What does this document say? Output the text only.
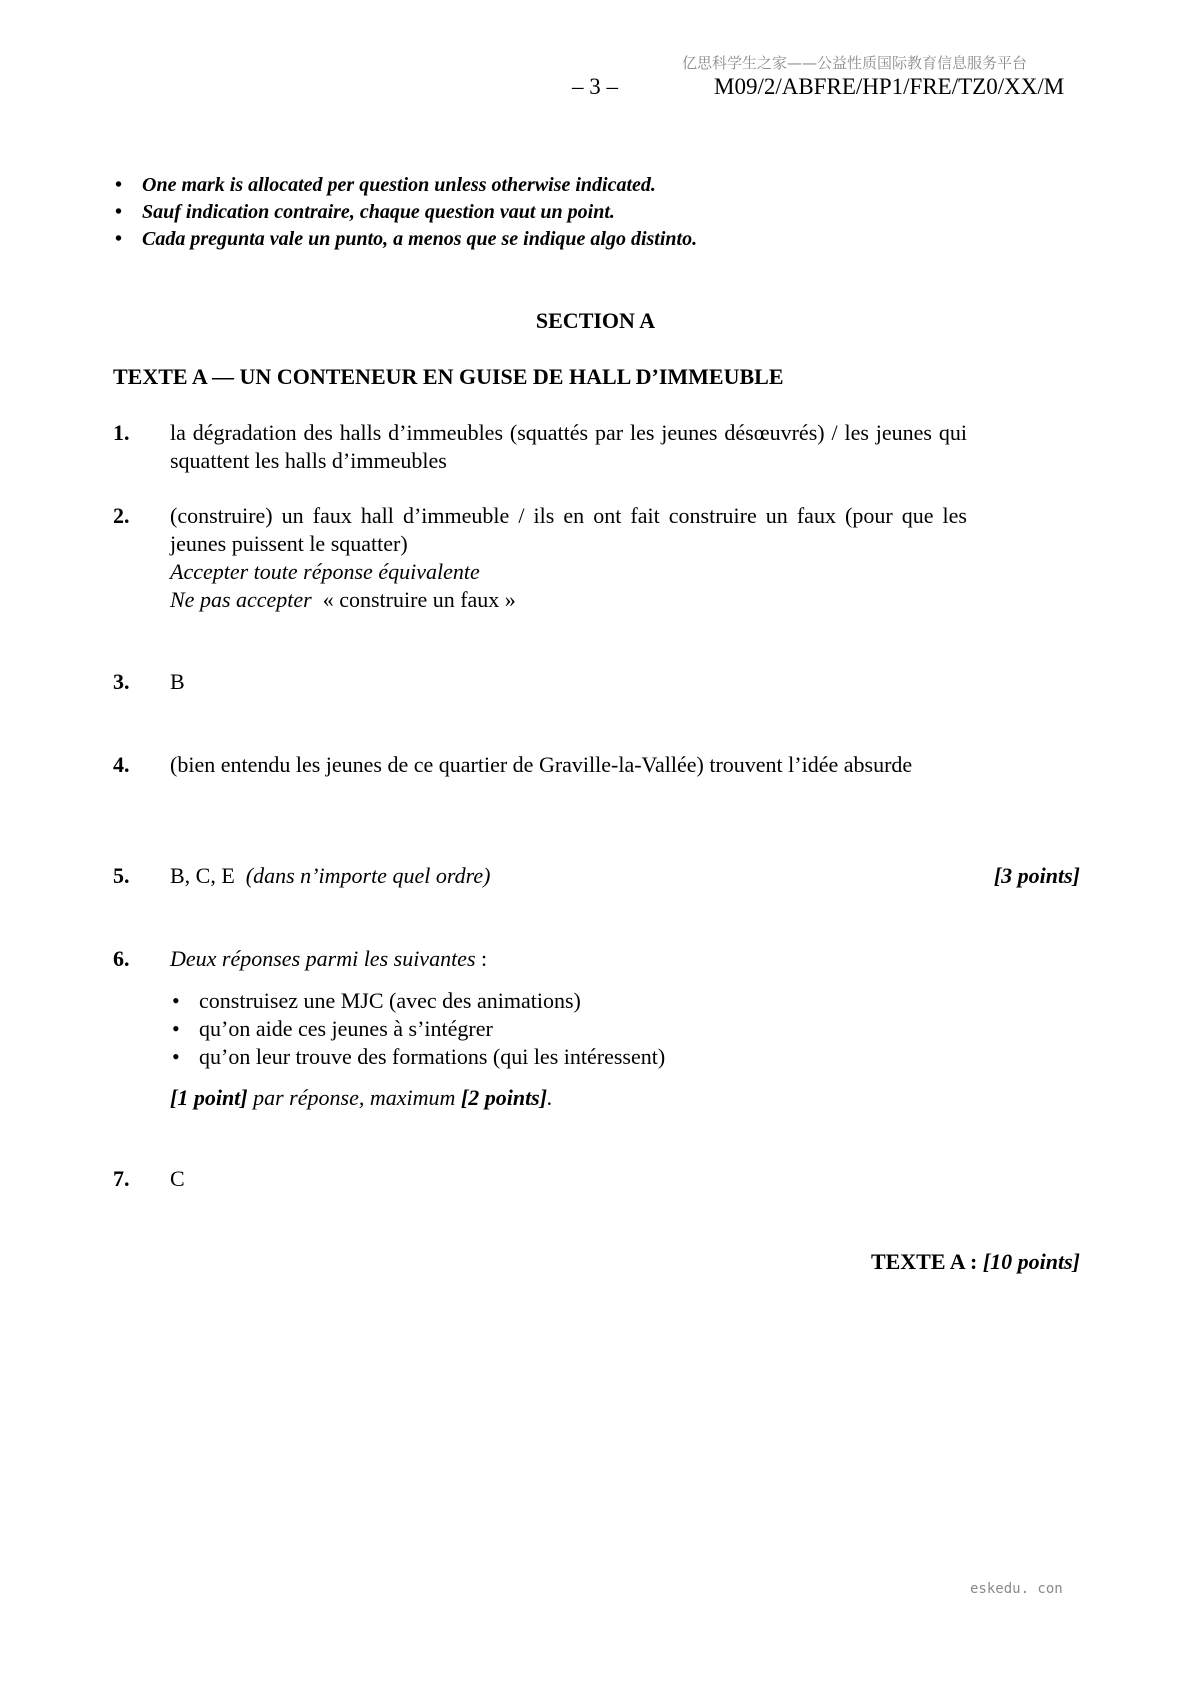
亿思科学生之家——公益性质国际教育信息服务平台
– 3 –	M09/2/ABFRE/HP1/FRE/TZ0/XX/M
• One mark is allocated per question unless otherwise indicated.
• Sauf indication contraire, chaque question vaut un point.
• Cada pregunta vale un punto, a menos que se indique algo distinto.
SECTION A
TEXTE A — UN CONTENEUR EN GUISE DE HALL D’IMMEUBLE
1. la dégradation des halls d’immeubles (squattés par les jeunes désœuvrés) / les jeunes qui squattent les halls d’immeubles
2. (construire) un faux hall d’immeuble / ils en ont fait construire un faux (pour que les jeunes puissent le squatter)
Accepter toute réponse équivalente
Ne pas accepter « construire un faux »
3. B
4. (bien entendu les jeunes de ce quartier de Graville-la-Vallée) trouvent l’idée absurde
5. B, C, E (dans n’importe quel ordre)	[3 points]
6. Deux réponses parmi les suivantes :
• construisez une MJC (avec des animations)
• qu’on aide ces jeunes à s’intégrer
• qu’on leur trouve des formations (qui les intéressent)
[1 point] par réponse, maximum [2 points].
7. C
TEXTE A : [10 points]
eskedu. con
